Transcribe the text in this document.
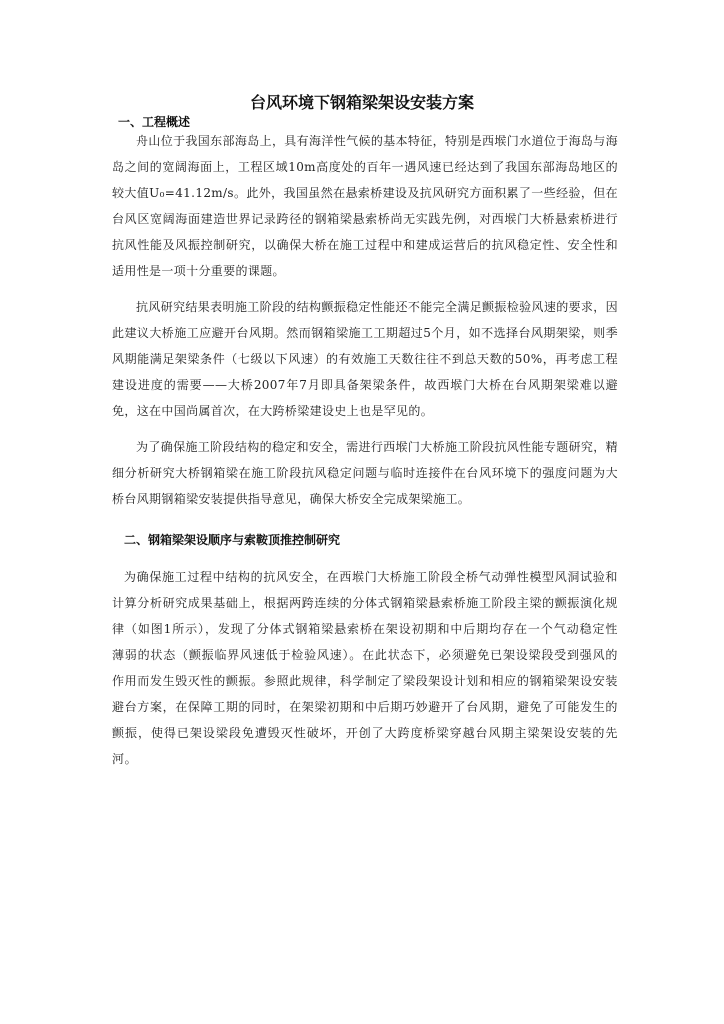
台风环境下钢箱梁架设安装方案
一、工程概述

舟山位于我国东部海岛上，具有海洋性气候的基本特征，特别是西堠门水道位于海岛与海岛之间的宽阔海面上，工程区域10m高度处的百年一遇风速已经达到了我国东部海岛地区的较大值U₀=41.12m/s。此外，我国虽然在悬索桥建设及抗风研究方面积累了一些经验，但在台风区宽阔海面建造世界记录跨径的钢箱梁悬索桥尚无实践先例，对西堠门大桥悬索桥进行抗风性能及风振控制研究，以确保大桥在施工过程中和建成运营后的抗风稳定性、安全性和适用性是一项十分重要的课题。

抗风研究结果表明施工阶段的结构颤振稳定性能还不能完全满足颤振检验风速的要求，因此建议大桥施工应避开台风期。然而钢箱梁施工工期超过5个月，如不选择台风期架梁，则季风期能满足架梁条件（七级以下风速）的有效施工天数往往不到总天数的50%，再考虑工程建设进度的需要——大桥2007年7月即具备架梁条件，故西堠门大桥在台风期架梁难以避免，这在中国尚属首次，在大跨桥梁建设史上也是罕见的。

为了确保施工阶段结构的稳定和安全，需进行西堠门大桥施工阶段抗风性能专题研究，精细分析研究大桥钢箱梁在施工阶段抗风稳定问题与临时连接件在台风环境下的强度问题为大桥台风期钢箱梁安装提供指导意见，确保大桥安全完成架梁施工。

二、钢箱梁架设顺序与索鞍顶推控制研究

为确保施工过程中结构的抗风安全，在西堠门大桥施工阶段全桥气动弹性模型风洞试验和计算分析研究成果基础上，根据两跨连续的分体式钢箱梁悬索桥施工阶段主梁的颤振演化规律（如图1所示），发现了分体式钢箱梁悬索桥在架设初期和中后期均存在一个气动稳定性薄弱的状态（颤振临界风速低于检验风速）。在此状态下，必须避免已架设梁段受到强风的作用而发生毁灭性的颤振。参照此规律，科学制定了梁段架设计划和相应的钢箱梁架设安装避台方案，在保障工期的同时，在架梁初期和中后期巧妙避开了台风期，避免了可能发生的颤振，使得已架设梁段免遭毁灭性破坏，开创了大跨度桥梁穿越台风期主梁架设安装的先河。
